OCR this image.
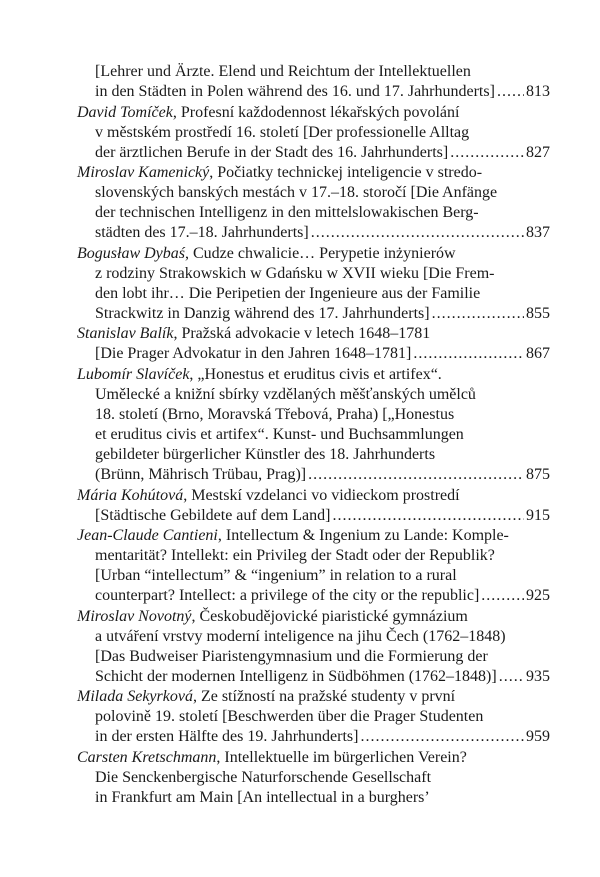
[Lehrer und Ärzte. Elend und Reichtum der Intellektuellen
in den Städten in Polen während des 16. und 17. Jahrhunderts] ..... 813
David Tomíček , Profesní každodennost lékařských povolání
v městském prostředí 16. století [Der professionelle Alltag
der ärztlichen Berufe in der Stadt des 16. Jahrhunderts] .....	827
Miroslav Kamenický , Počiatky technickej inteligencie v stredo-
slovenských banských mestách v 17.–18. storočí [Die Anfänge
der technischen Intelligenz in den mittelslowakischen Berg-
städten des 17.–18. Jahrhunderts] .....	837
Bogusław Dybaś , Cudze chwalicie… Perypetie inżynierów
z rodziny Strakowskich w Gdańsku w XVII wieku [Die Frem-
den lobt ihr… Die Peripetien der Ingenieure aus der Familie
Strackwitz in Danzig während des 17. Jahrhunderts] .....	855
Stanislav Balík , Pražská advokacie v letech 1648–1781
[Die Prager Advokatur in den Jahren 1648–1781] .....	867
Lubomír Slavíček , „Honestus et eruditus civis et artifex“.
Umělecké a knižní sbírky vzdělaných měšťanských umělců
18. století (Brno, Moravská Třebová, Praha) [„Honestus
et eruditus civis et artifex“. Kunst- und Buchsammlungen
gebildeter bürgerlicher Künstler des 18. Jahrhunderts
(Brünn, Mährisch Trübau, Prag)] .....	875
Mária Kohútová , Mestskí vzdelanci vo vidieckom prostredí
[Städtische Gebildete auf dem Land] .....	915
Jean-Claude Cantieni , Intellectum & Ingenium zu Lande: Komple-
mentarität? Intellekt: ein Privileg der Stadt oder der Republik?
[Urban “intellectum” & “ingenium” in relation to a rural
counterpart? Intellect: a privilege of the city or the republic] .....	925
Miroslav Novotný , Českobudějovické piaristické gymnázium
a utváření vrstvy moderní inteligence na jihu Čech (1762–1848)
[Das Budweiser Piaristengymnasium und die Formierung der
Schicht der modernen Intelligenz in Südböhmen (1762–1848)] ..... 935
Milada Sekyrková , Ze stížností na pražské studenty v první
polovině 19. století [Beschwerden über die Prager Studenten
in der ersten Hälfte des 19. Jahrhunderts] .....	959
Carsten Kretschmann , Intellektuelle im bürgerlichen Verein?
Die Senckenbergische Naturforschende Gesellschaft
in Frankfurt am Main [An intellectual in a burghers’
